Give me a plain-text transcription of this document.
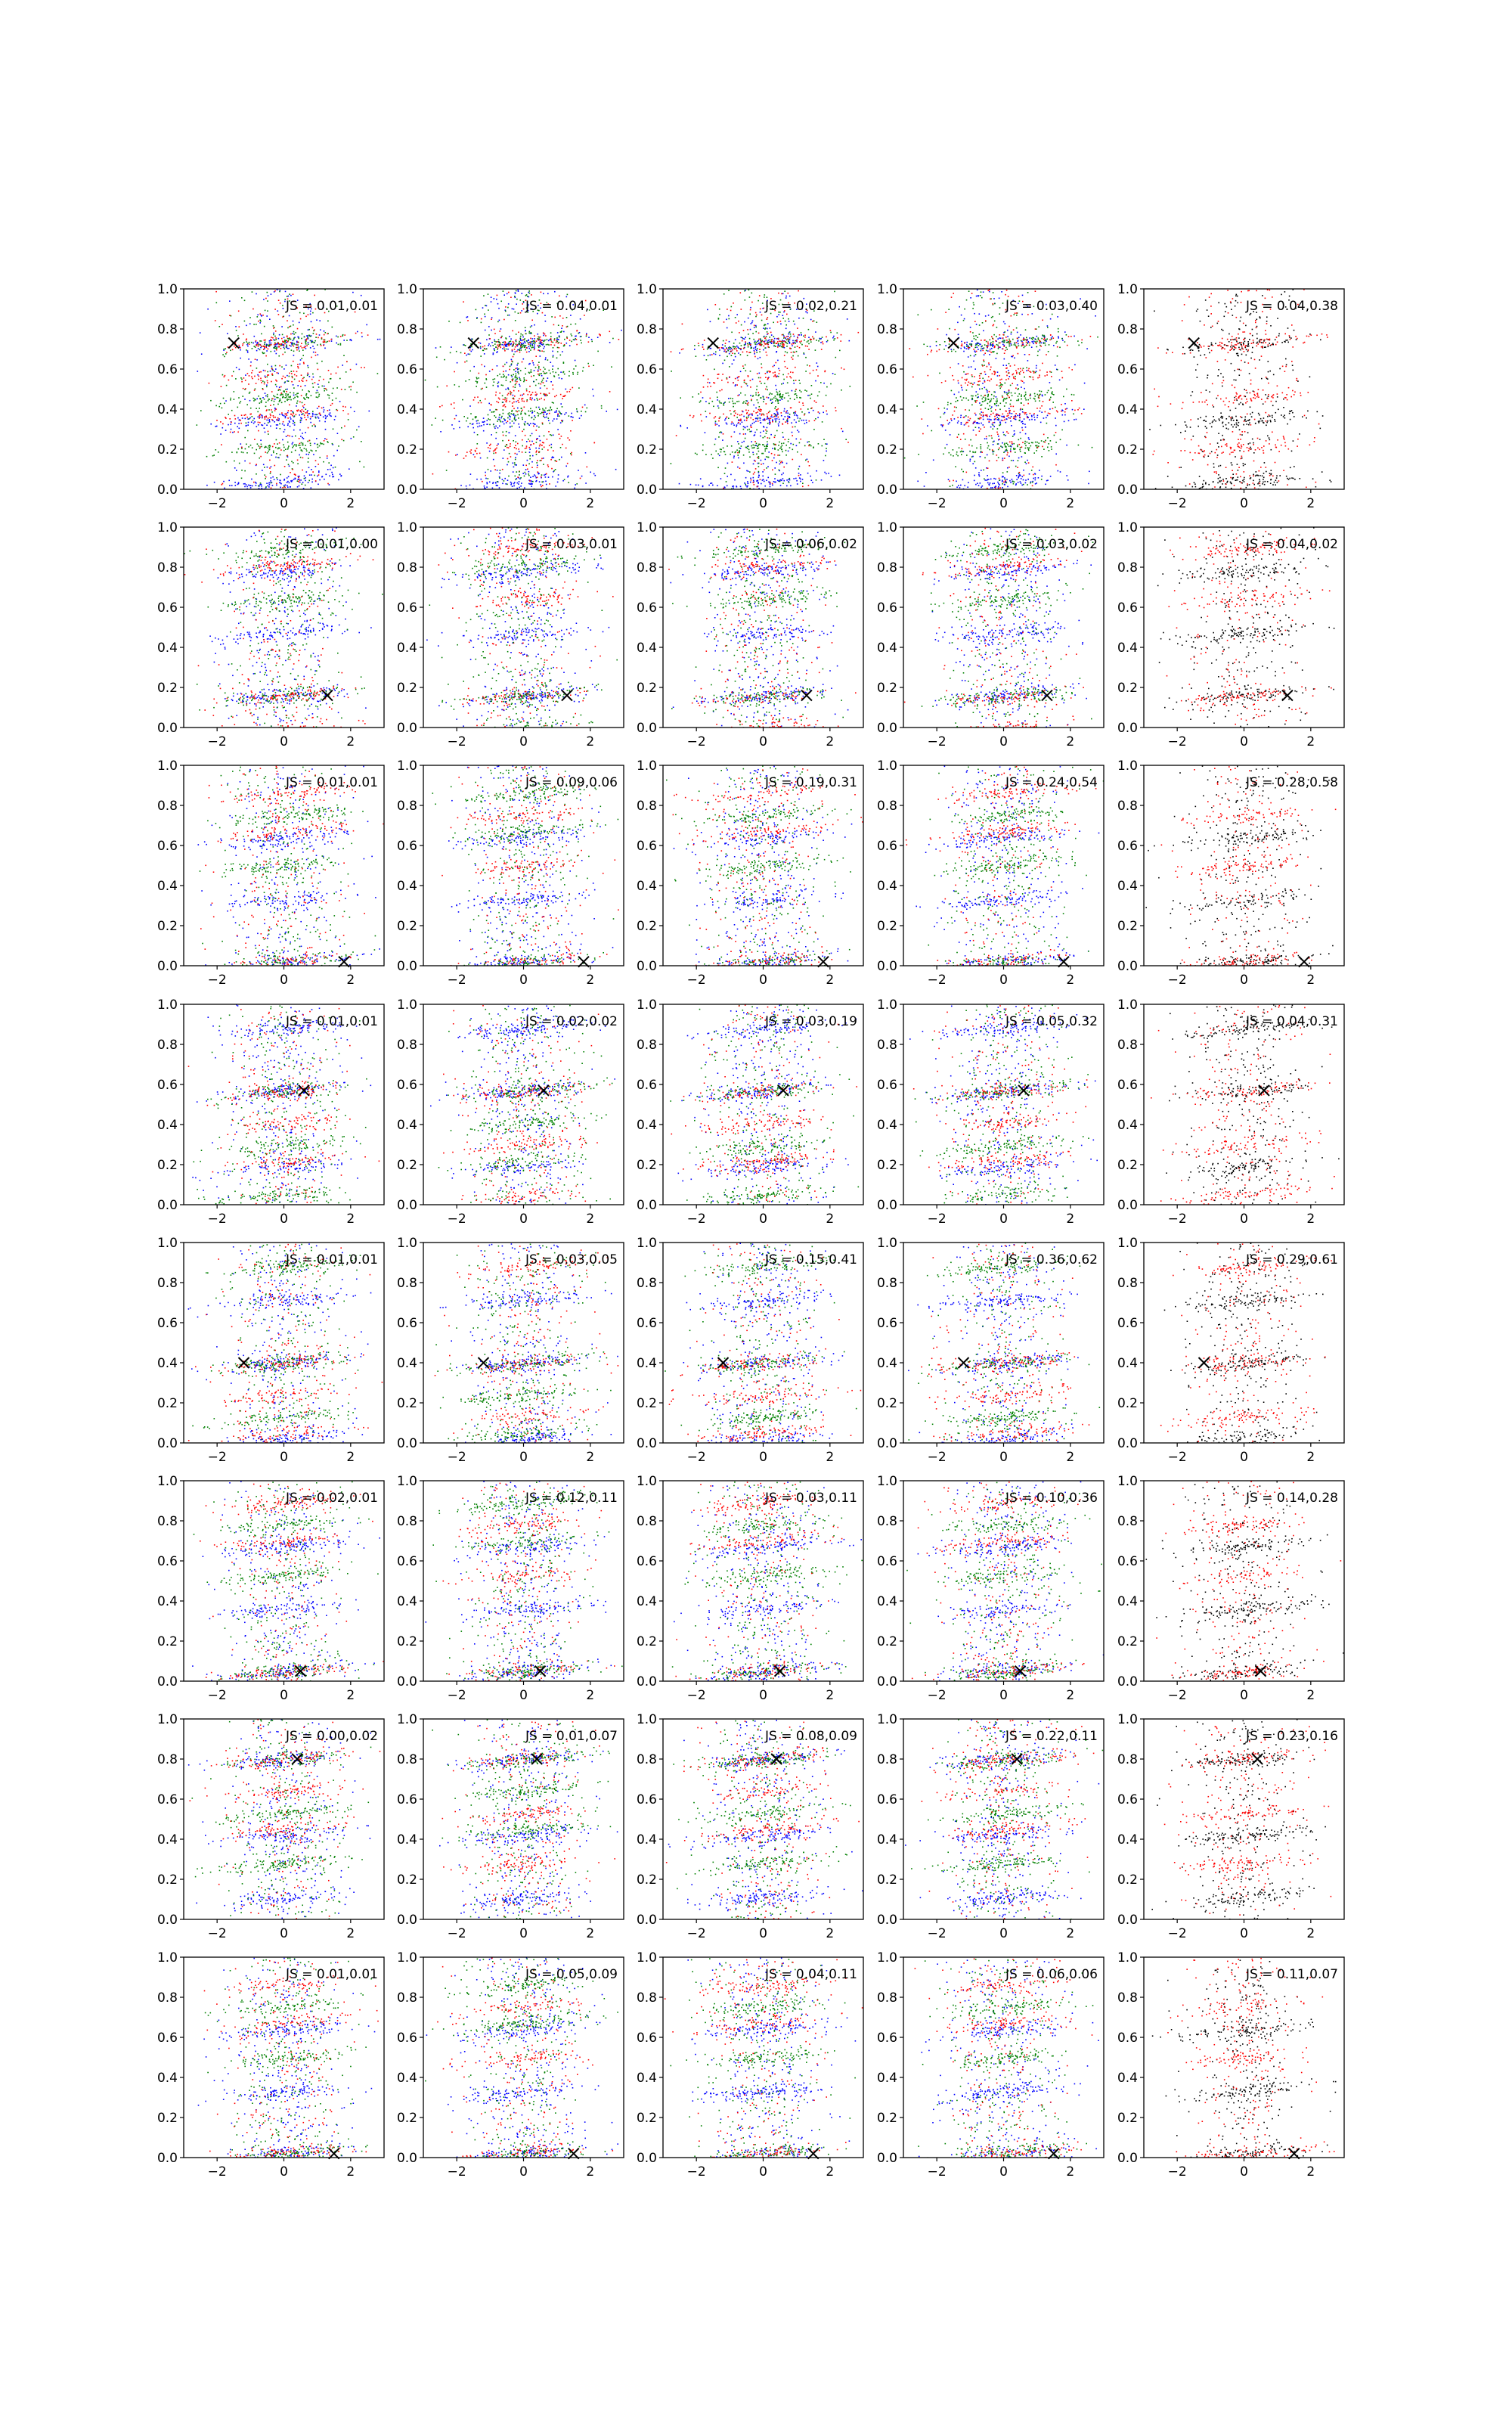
0.0
0.2
0.4
0.6
0.8
1.0
−2	0	2
JS = 0.01,0.01
0.0
0.2
0.4
0.6
0.8
1.0
−2	0	2
JS = 0.04,0.01
0.0
0.2
0.4
0.6
0.8
1.0
−2	0	2
JS = 0.02,0.21
0.0
0.2
0.4
0.6
0.8
1.0
−2	0	2
JS = 0.03,0.40
0.0
0.2
0.4
0.6
0.8
1.0
−2	0	2
JS = 0.04,0.38
0.0
0.2
0.4
0.6
0.8
1.0
−2	0	2
JS = 0.01,0.00
0.0
0.2
0.4
0.6
0.8
1.0
−2	0	2
JS = 0.03,0.01
0.0
0.2
0.4
0.6
0.8
1.0
−2	0	2
JS = 0.06,0.02
0.0
0.2
0.4
0.6
0.8
1.0
−2	0	2
JS = 0.03,0.02
0.0
0.2
0.4
0.6
0.8
1.0
−2	0	2
JS = 0.04,0.02
0.0
0.2
0.4
0.6
0.8
1.0
−2	0	2
JS = 0.01,0.01
0.0
0.2
0.4
0.6
0.8
1.0
−2	0	2
JS = 0.09,0.06
0.0
0.2
0.4
0.6
0.8
1.0
−2	0	2
JS = 0.19,0.31
0.0
0.2
0.4
0.6
0.8
1.0
−2	0	2
JS = 0.24,0.54
0.0
0.2
0.4
0.6
0.8
1.0
−2	0	2
JS = 0.28,0.58
0.0
0.2
0.4
0.6
0.8
1.0
−2	0	2
JS = 0.01,0.01
0.0
0.2
0.4
0.6
0.8
1.0
−2	0	2
JS = 0.02,0.02
0.0
0.2
0.4
0.6
0.8
1.0
−2	0	2
JS = 0.03,0.19
0.0
0.2
0.4
0.6
0.8
1.0
−2	0	2
JS = 0.05,0.32
0.0
0.2
0.4
0.6
0.8
1.0
−2	0	2
JS = 0.04,0.31
0.0
0.2
0.4
0.6
0.8
1.0
−2	0	2
JS = 0.01,0.01
0.0
0.2
0.4
0.6
0.8
1.0
−2	0	2
JS = 0.03,0.05
0.0
0.2
0.4
0.6
0.8
1.0
−2	0	2
JS = 0.15,0.41
0.0
0.2
0.4
0.6
0.8
1.0
−2	0	2
JS = 0.36,0.62
0.0
0.2
0.4
0.6
0.8
1.0
−2	0	2
JS = 0.29,0.61
0.0
0.2
0.4
0.6
0.8
1.0
−2	0	2
JS = 0.02,0.01
0.0
0.2
0.4
0.6
0.8
1.0
−2	0	2
JS = 0.12,0.11
0.0
0.2
0.4
0.6
0.8
1.0
−2	0	2
JS = 0.03,0.11
0.0
0.2
0.4
0.6
0.8
1.0
−2	0	2
JS = 0.10,0.36
0.0
0.2
0.4
0.6
0.8
1.0
−2	0	2
JS = 0.14,0.28
0.0
0.2
0.4
0.6
0.8
1.0
−2	0	2
JS = 0.00,0.02
0.0
0.2
0.4
0.6
0.8
1.0
−2	0	2
JS = 0.01,0.07
0.0
0.2
0.4
0.6
0.8
1.0
−2	0	2
JS = 0.08,0.09
0.0
0.2
0.4
0.6
0.8
1.0
−2	0	2
JS = 0.22,0.11
0.0
0.2
0.4
0.6
0.8
1.0
−2	0	2
JS = 0.23,0.16
0.0
0.2
0.4
0.6
0.8
1.0
−2	0	2
JS = 0.01,0.01
0.0
0.2
0.4
0.6
0.8
1.0
−2	0	2
JS = 0.05,0.09
0.0
0.2
0.4
0.6
0.8
1.0
−2	0	2
JS = 0.04,0.11
0.0
0.2
0.4
0.6
0.8
1.0
−2	0	2
JS = 0.06,0.06
0.0
0.2
0.4
0.6
0.8
1.0
−2	0	2
JS = 0.11,0.07
